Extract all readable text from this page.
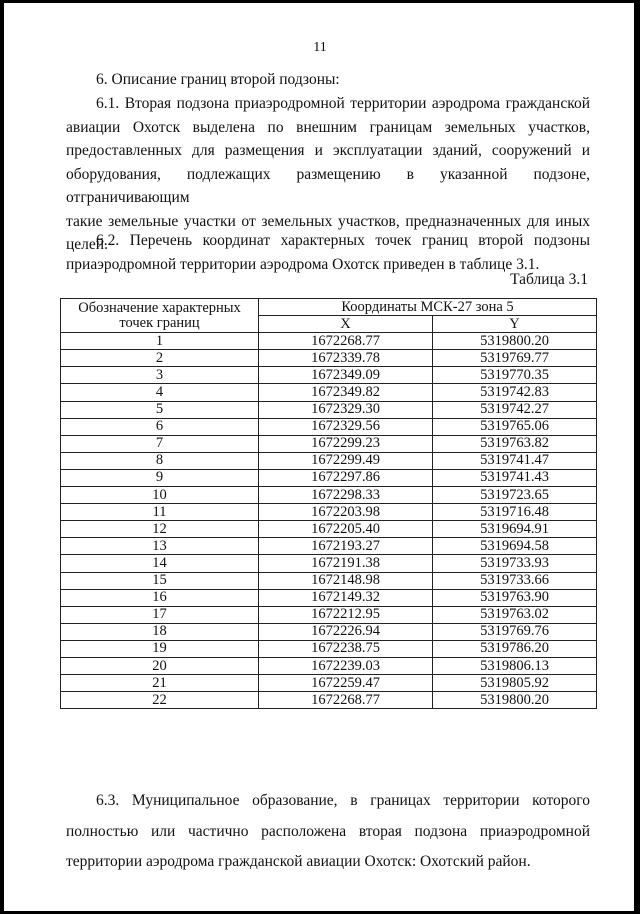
11
6. Описание границ второй подзоны:
6.1. Вторая подзона приаэродромной территории аэродрома гражданской
авиации Охотск выделена по внешним границам земельных участков,
предоставленных для размещения и эксплуатации зданий, сооружений и
оборудования, подлежащих размещению в указанной подзоне, отграничивающим
такие земельные участки от земельных участков, предназначенных для иных
целей.
6.2. Перечень координат характерных точек границ второй подзоны
приаэродромной территории аэродрома Охотск приведен в таблице 3.1.
Таблица 3.1
Обозначение характерных точек границ	Координаты МСК-27 зона 5	
	X	Y
1	1672268.77	5319800.20
2	1672339.78	5319769.77
3	1672349.09	5319770.35
4	1672349.82	5319742.83
5	1672329.30	5319742.27
6	1672329.56	5319765.06
7	1672299.23	5319763.82
8	1672299.49	5319741.47
9	1672297.86	5319741.43
10	1672298.33	5319723.65
11	1672203.98	5319716.48
12	1672205.40	5319694.91
13	1672193.27	5319694.58
14	1672191.38	5319733.93
15	1672148.98	5319733.66
16	1672149.32	5319763.90
17	1672212.95	5319763.02
18	1672226.94	5319769.76
19	1672238.75	5319786.20
20	1672239.03	5319806.13
21	1672259.47	5319805.92
22	1672268.77	5319800.20
6.3. Муниципальное образование, в границах территории которого
полностью или частично расположена вторая подзона приаэродромной
территории аэродрома гражданской авиации Охотск: Охотский район.
